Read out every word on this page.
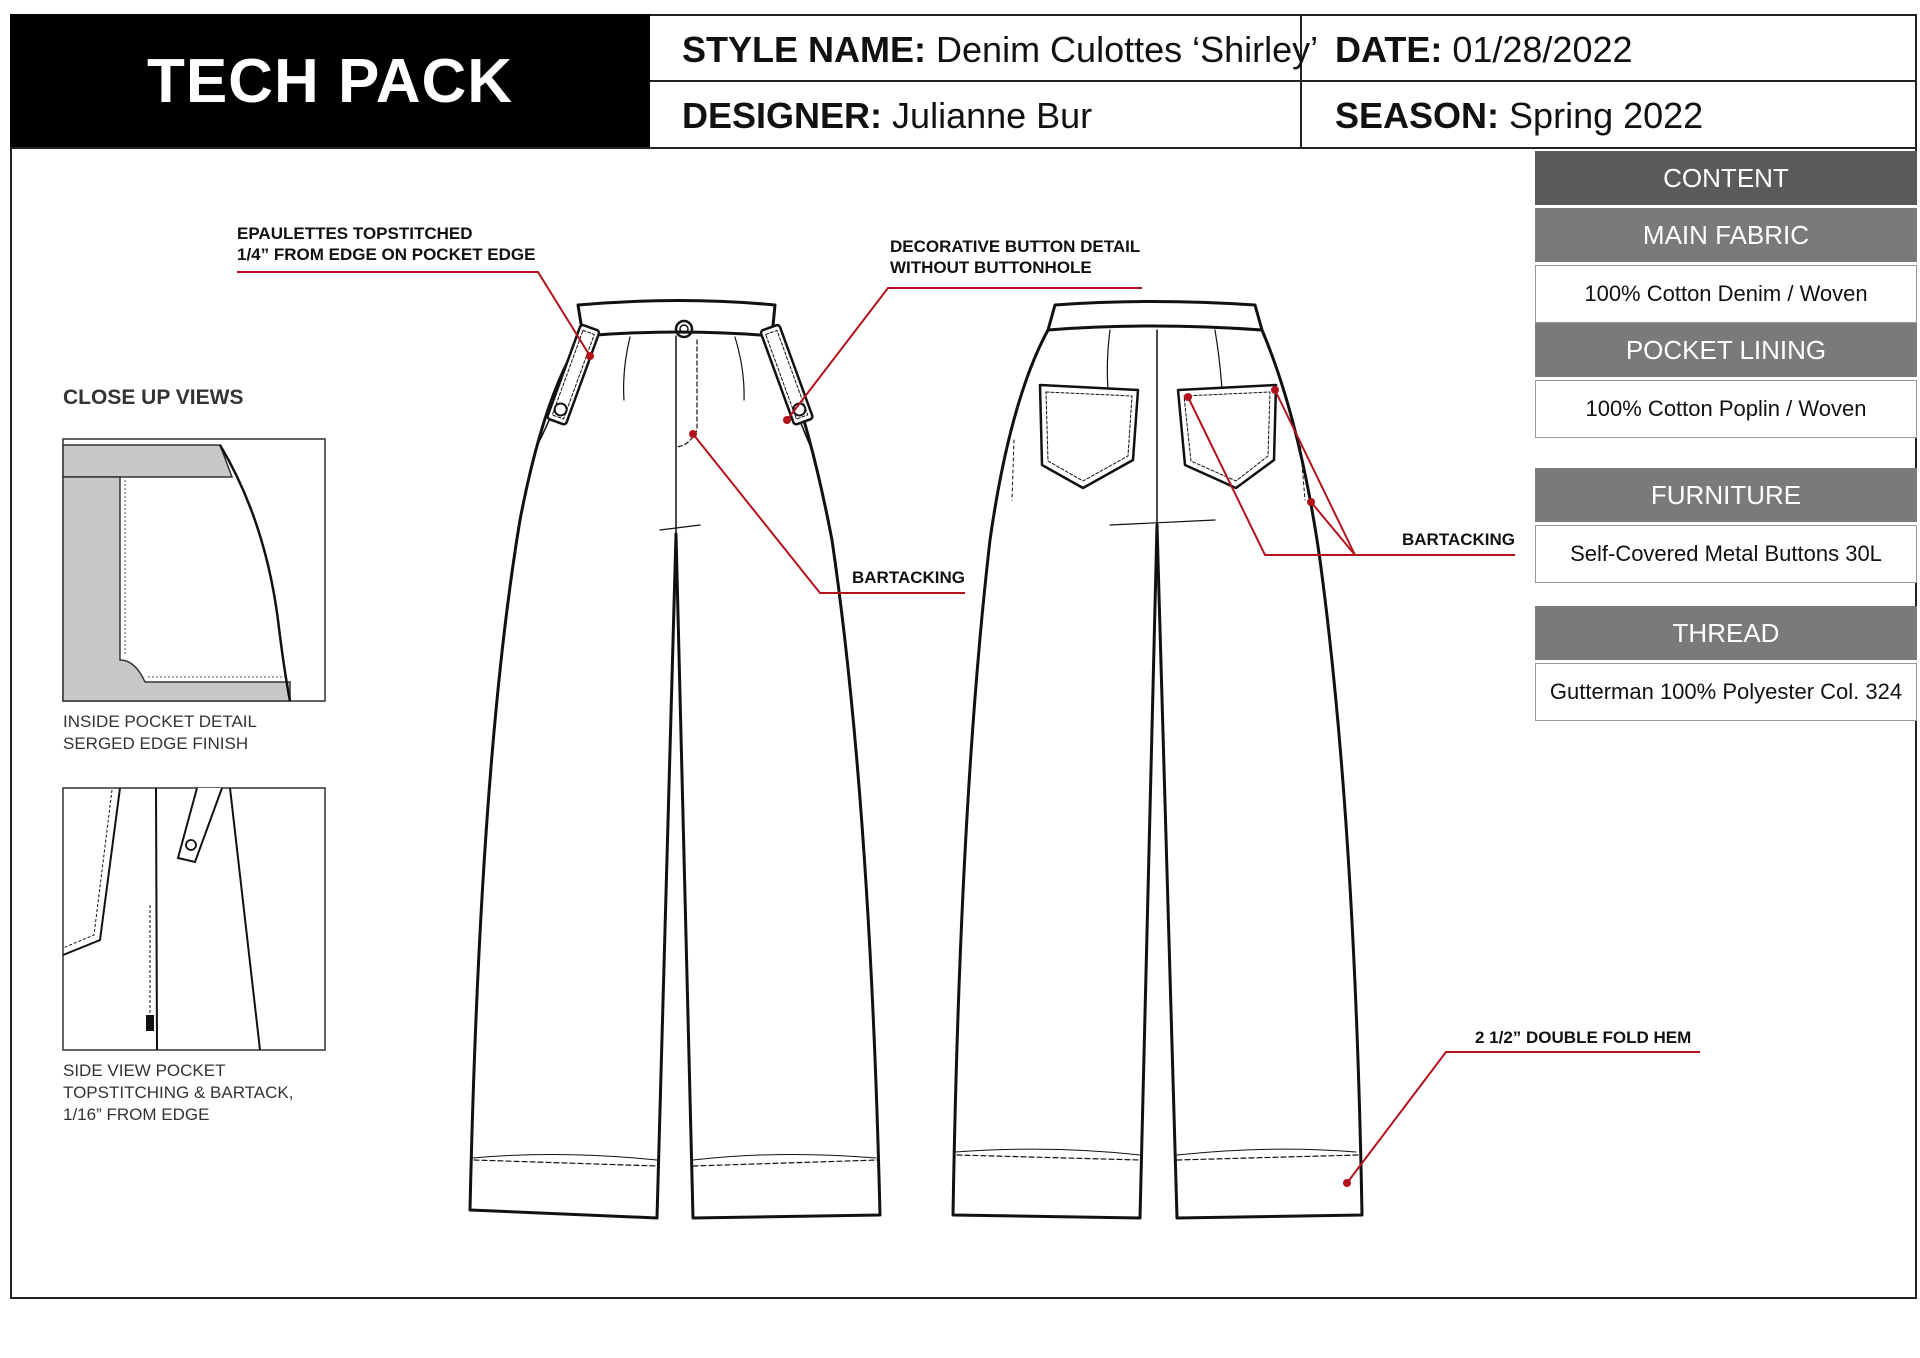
TECH PACK	STYLE NAME: Denim Culottes ‘Shirley’ DATE: 01/28/2022
DESIGNER: Julianne Bur	SEASON: Spring 2022
EPAULETTES TOPSTITCHED
1/4” FROM EDGE ON POCKET EDGE	DECORATIVE BUTTON DETAIL
WITHOUT BUTTONHOLE
BARTACKING
BARTACKING
2 1/2” DOUBLE FOLD HEM
CLOSE UP VIEWS
INSIDE POCKET DETAIL
SERGED EDGE FINISH
SIDE VIEW POCKET
TOPSTITCHING & BARTACK,
1/16” FROM EDGE
CONTENT
MAIN FABRIC
100% Cotton Denim / Woven
POCKET LINING
100% Cotton Poplin / Woven
FURNITURE
Self-Covered Metal Buttons 30L
THREAD
Gutterman 100% Polyester Col. 324
